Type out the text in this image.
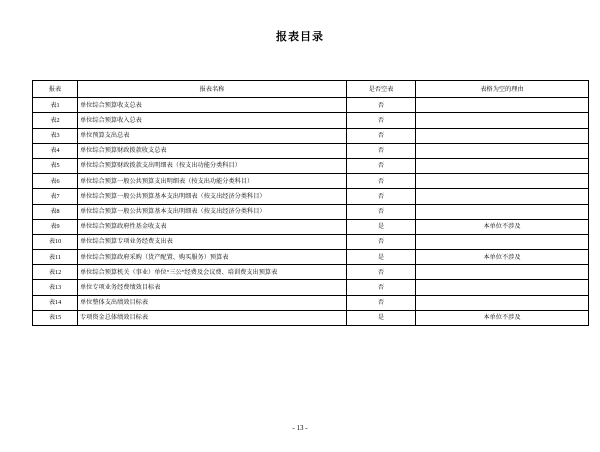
报表目录
报表	报表名称	是否空表	表格为空的理由
表1	单位综合预算收支总表	否	
表2	单位综合预算收入总表	否	
表3	单位预算支出总表	否	
表4	单位综合预算财政拨款收支总表	否	
表5	单位综合预算财政拨款支出明细表（按支出功能分类科目）	否	
表6	单位综合预算一般公共预算支出明细表（按支出功能分类科目）	否	
表7	单位综合预算一般公共预算基本支出明细表（按支出经济分类科目）	否	
表8	单位综合预算一般公共预算基本支出明细表（按支出经济分类科目）	否	
表9	单位综合预算政府性基金收支表	是	本单位不涉及
表10	单位综合预算专项业务经费支出表	否	
表11	单位综合预算政府采购（货产配置、购买服务）预算表	是	本单位不涉及
表12	单位综合预算机关（事业）单位“三公”经费及会议费、培训费支出预算表	否	
表13	单位专项业务经费绩效目标表	否	
表14	单位整体支出绩效目标表	否	
表15	专项资金总体绩效目标表	是	本单位不涉及
- 13 -
